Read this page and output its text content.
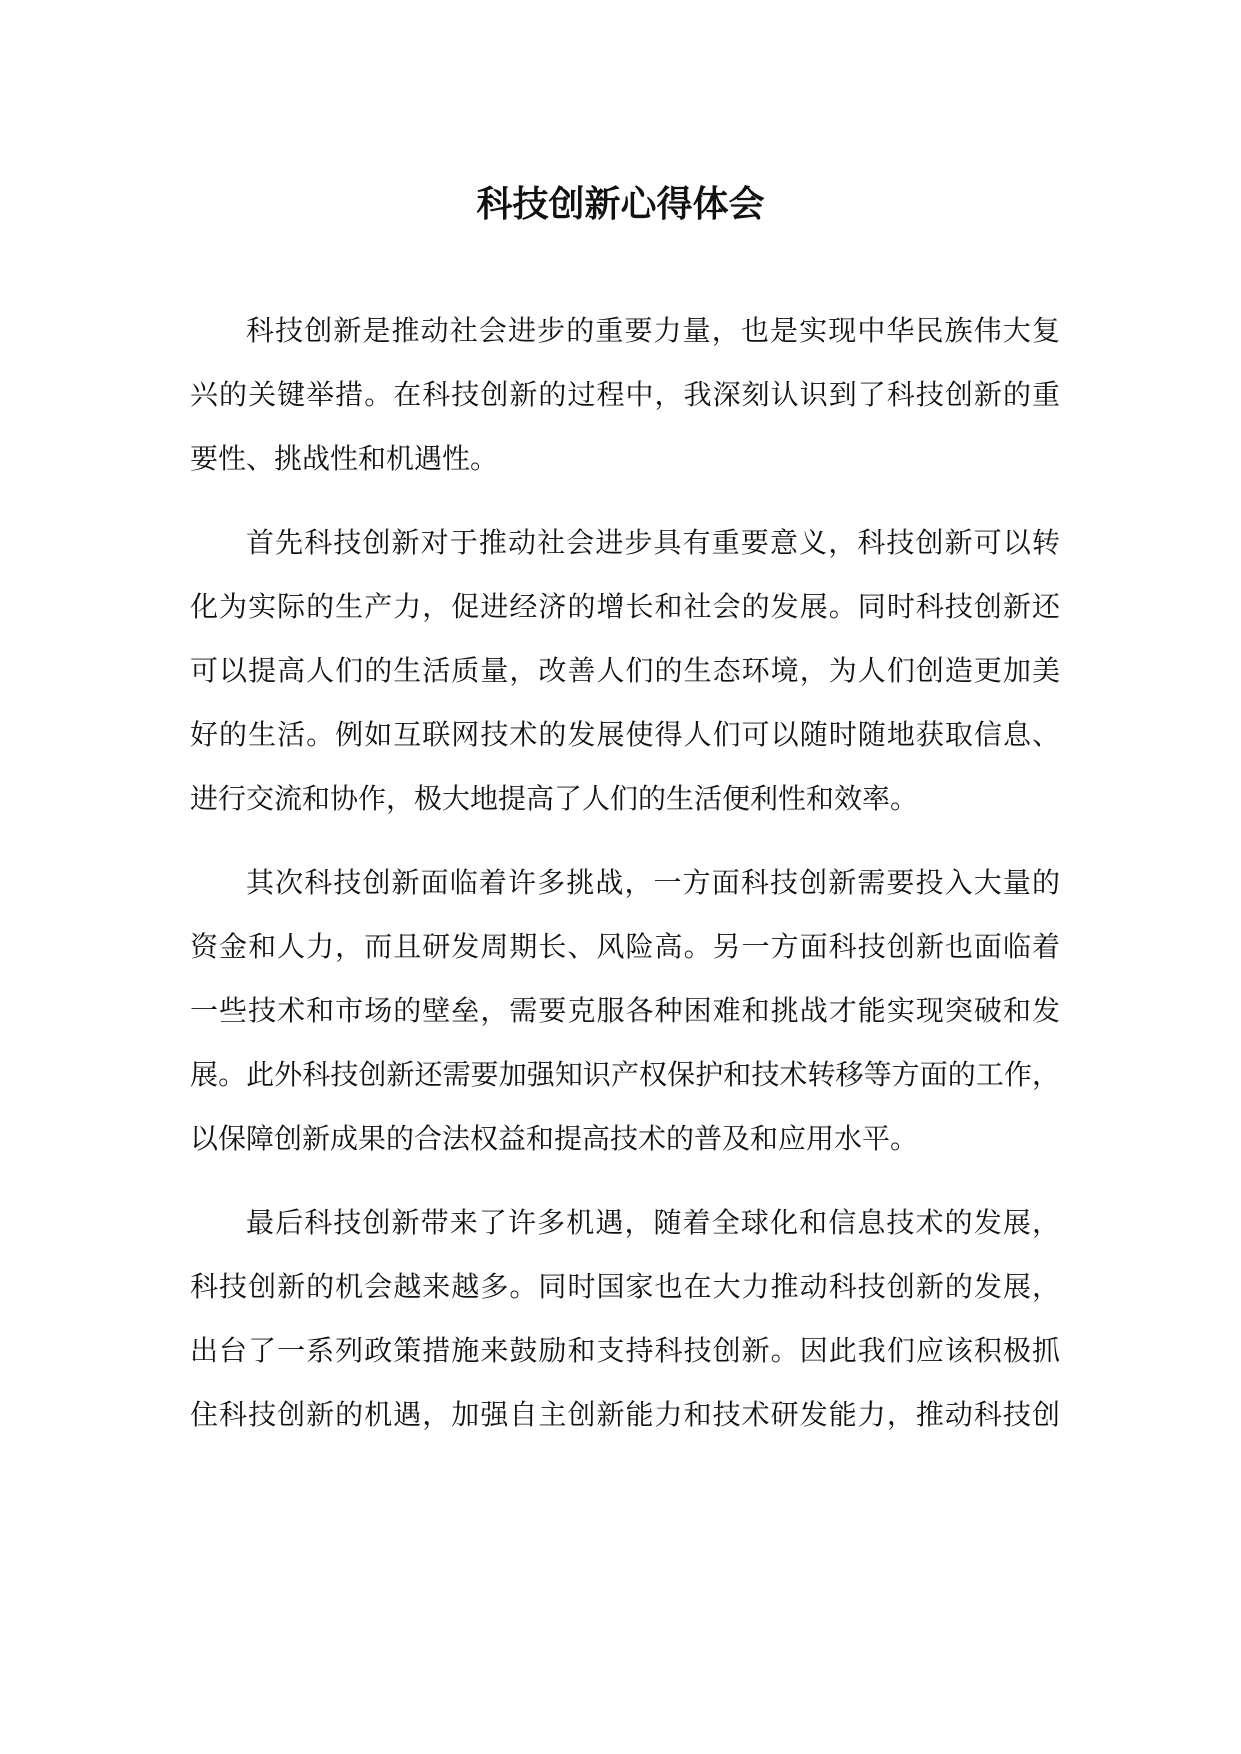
科技创新心得体会
科技创新是推动社会进步的重要力量，也是实现中华民族伟大复
兴的关键举措。在科技创新的过程中，我深刻认识到了科技创新的重
要性、挑战性和机遇性。
首先科技创新对于推动社会进步具有重要意义，科技创新可以转
化为实际的生产力，促进经济的增长和社会的发展。同时科技创新还
可以提高人们的生活质量，改善人们的生态环境，为人们创造更加美
好的生活。例如互联网技术的发展使得人们可以随时随地获取信息、
进行交流和协作，极大地提高了人们的生活便利性和效率。
其次科技创新面临着许多挑战，一方面科技创新需要投入大量的
资金和人力，而且研发周期长、风险高。另一方面科技创新也面临着
一些技术和市场的壁垒，需要克服各种困难和挑战才能实现突破和发
展。此外科技创新还需要加强知识产权保护和技术转移等方面的工作，
以保障创新成果的合法权益和提高技术的普及和应用水平。
最后科技创新带来了许多机遇，随着全球化和信息技术的发展，
科技创新的机会越来越多。同时国家也在大力推动科技创新的发展，
出台了一系列政策措施来鼓励和支持科技创新。因此我们应该积极抓
住科技创新的机遇，加强自主创新能力和技术研发能力，推动科技创
